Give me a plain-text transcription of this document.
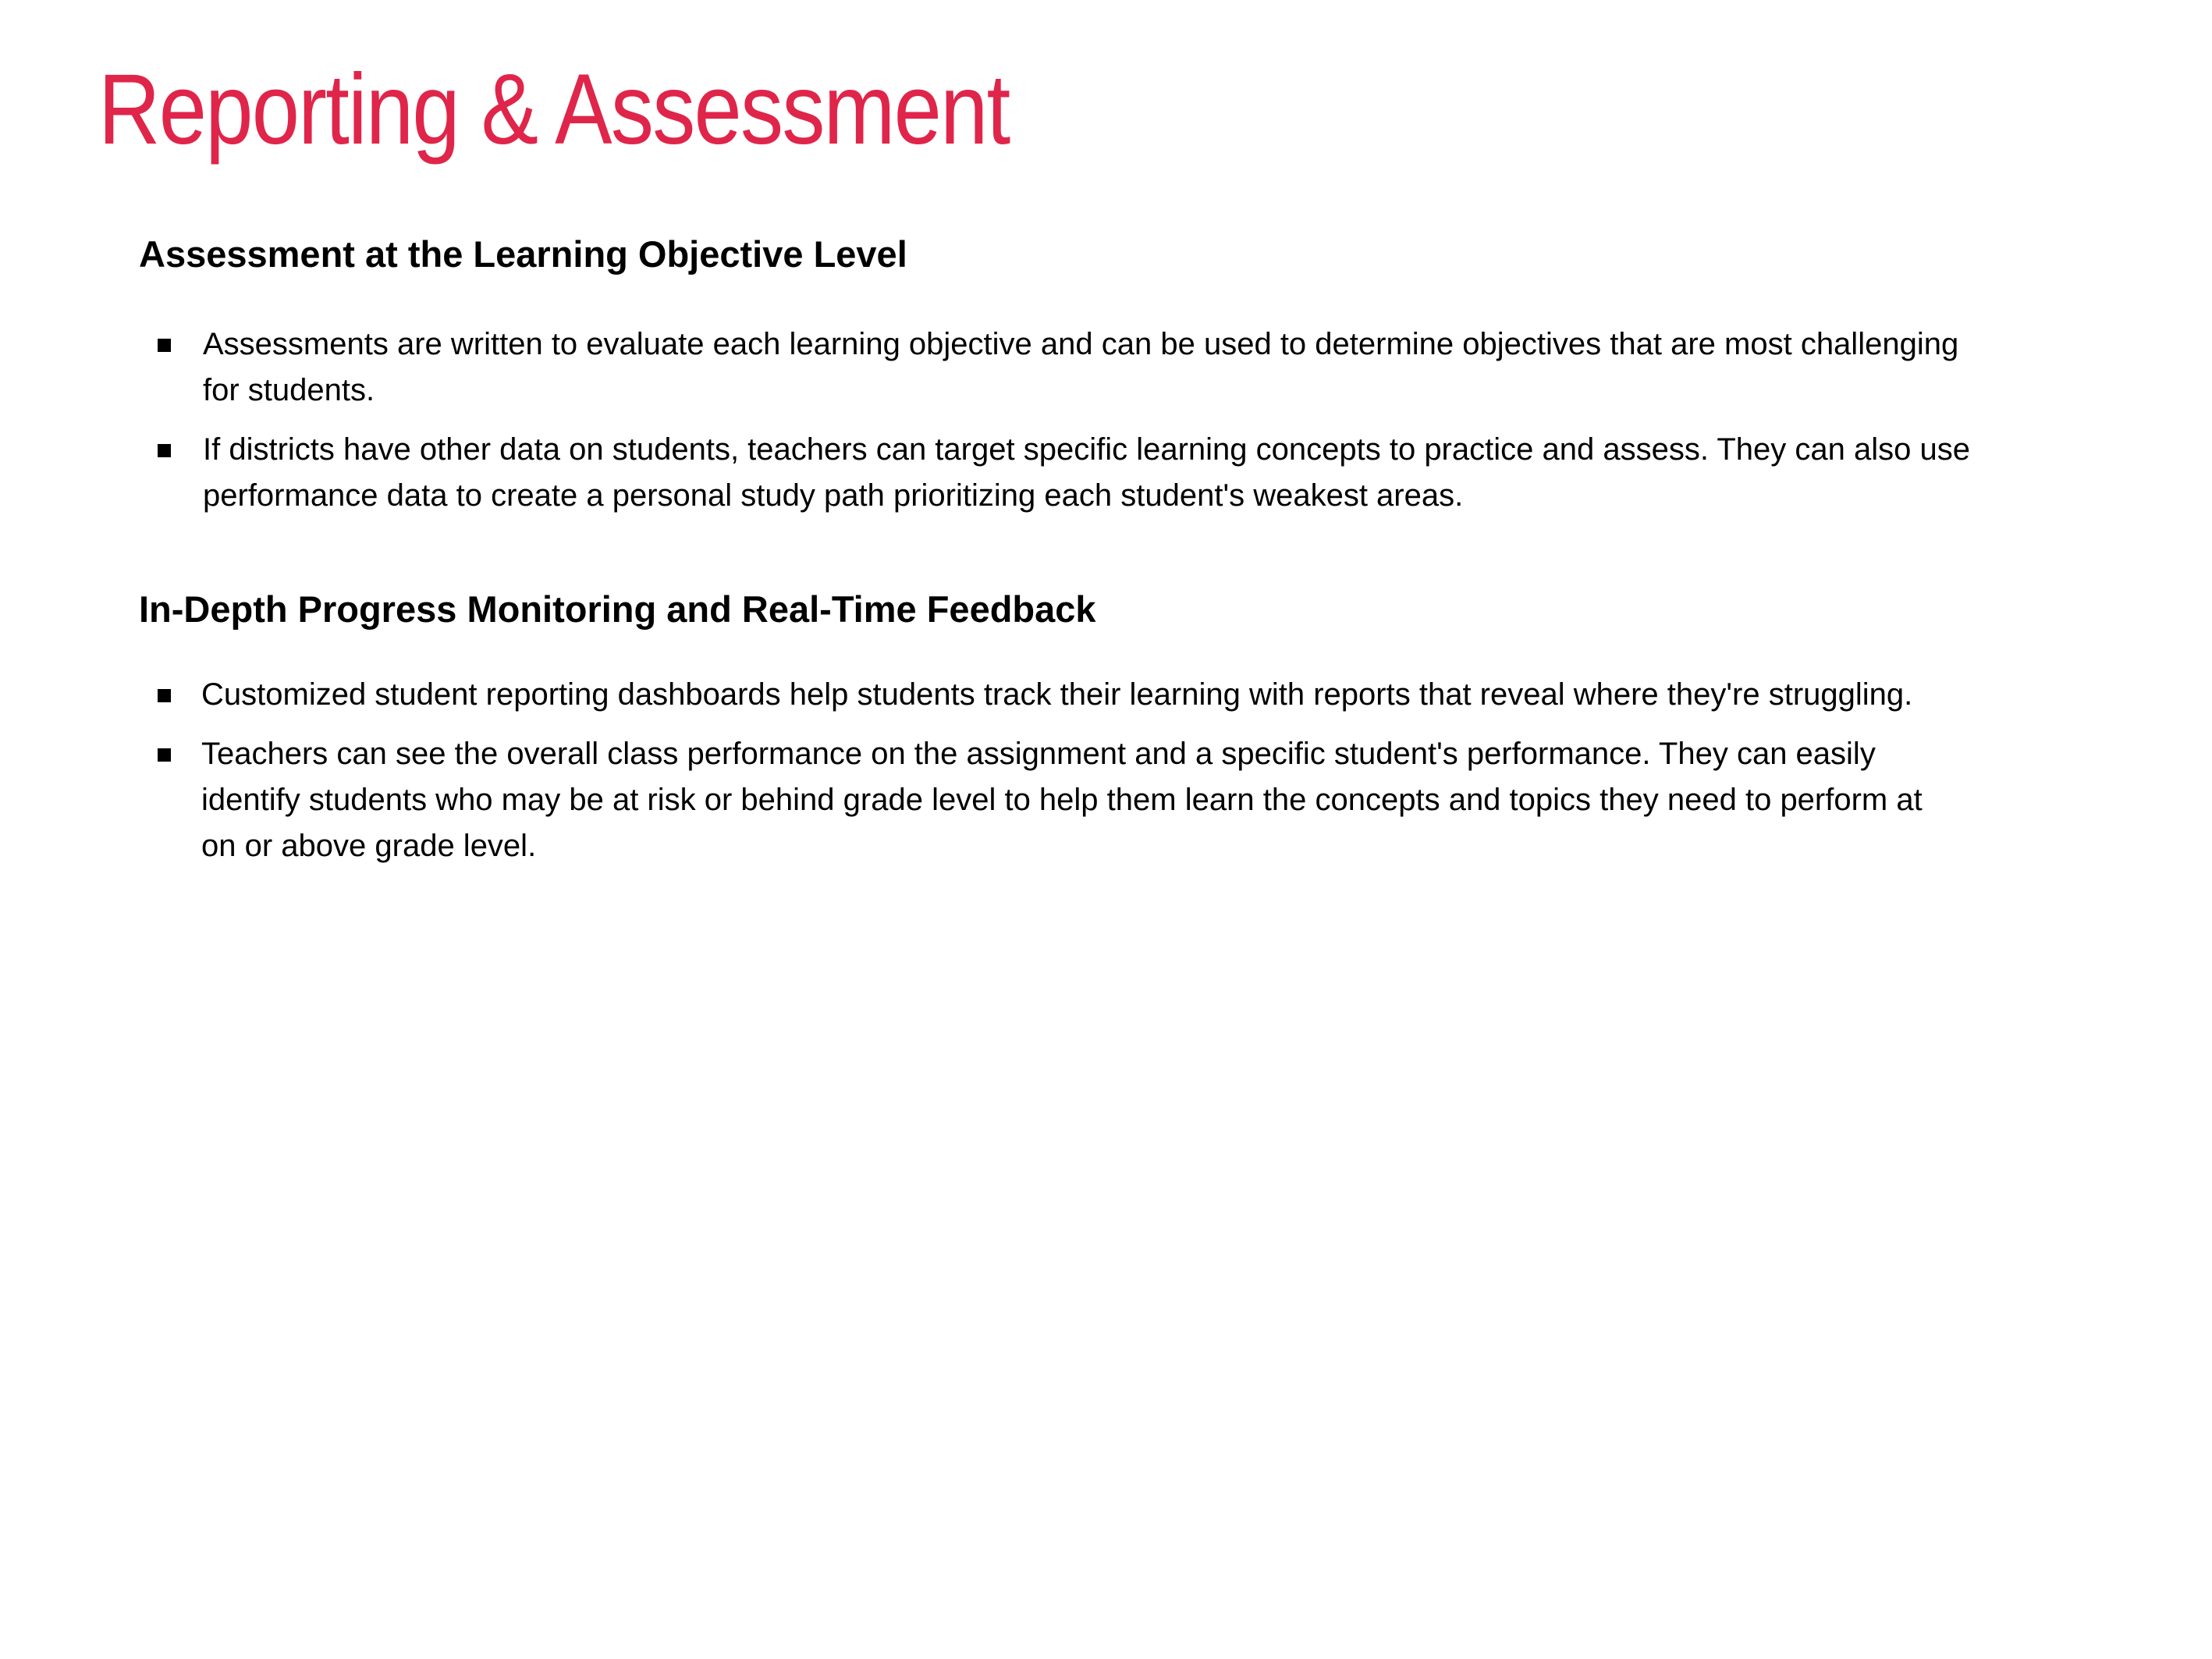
Reporting & Assessment
Assessment at the Learning Objective Level
Assessments are written to evaluate each learning objective and can be used to determine objectives that are most challenging for students.
If districts have other data on students, teachers can target specific learning concepts to practice and assess. They can also use performance data to create a personal study path prioritizing each student's weakest areas.
In-Depth Progress Monitoring and Real-Time Feedback
Customized student reporting dashboards help students track their learning with reports that reveal where they're struggling.
Teachers can see the overall class performance on the assignment and a specific student's performance. They can easily identify students who may be at risk or behind grade level to help them learn the concepts and topics they need to perform at on or above grade level.
